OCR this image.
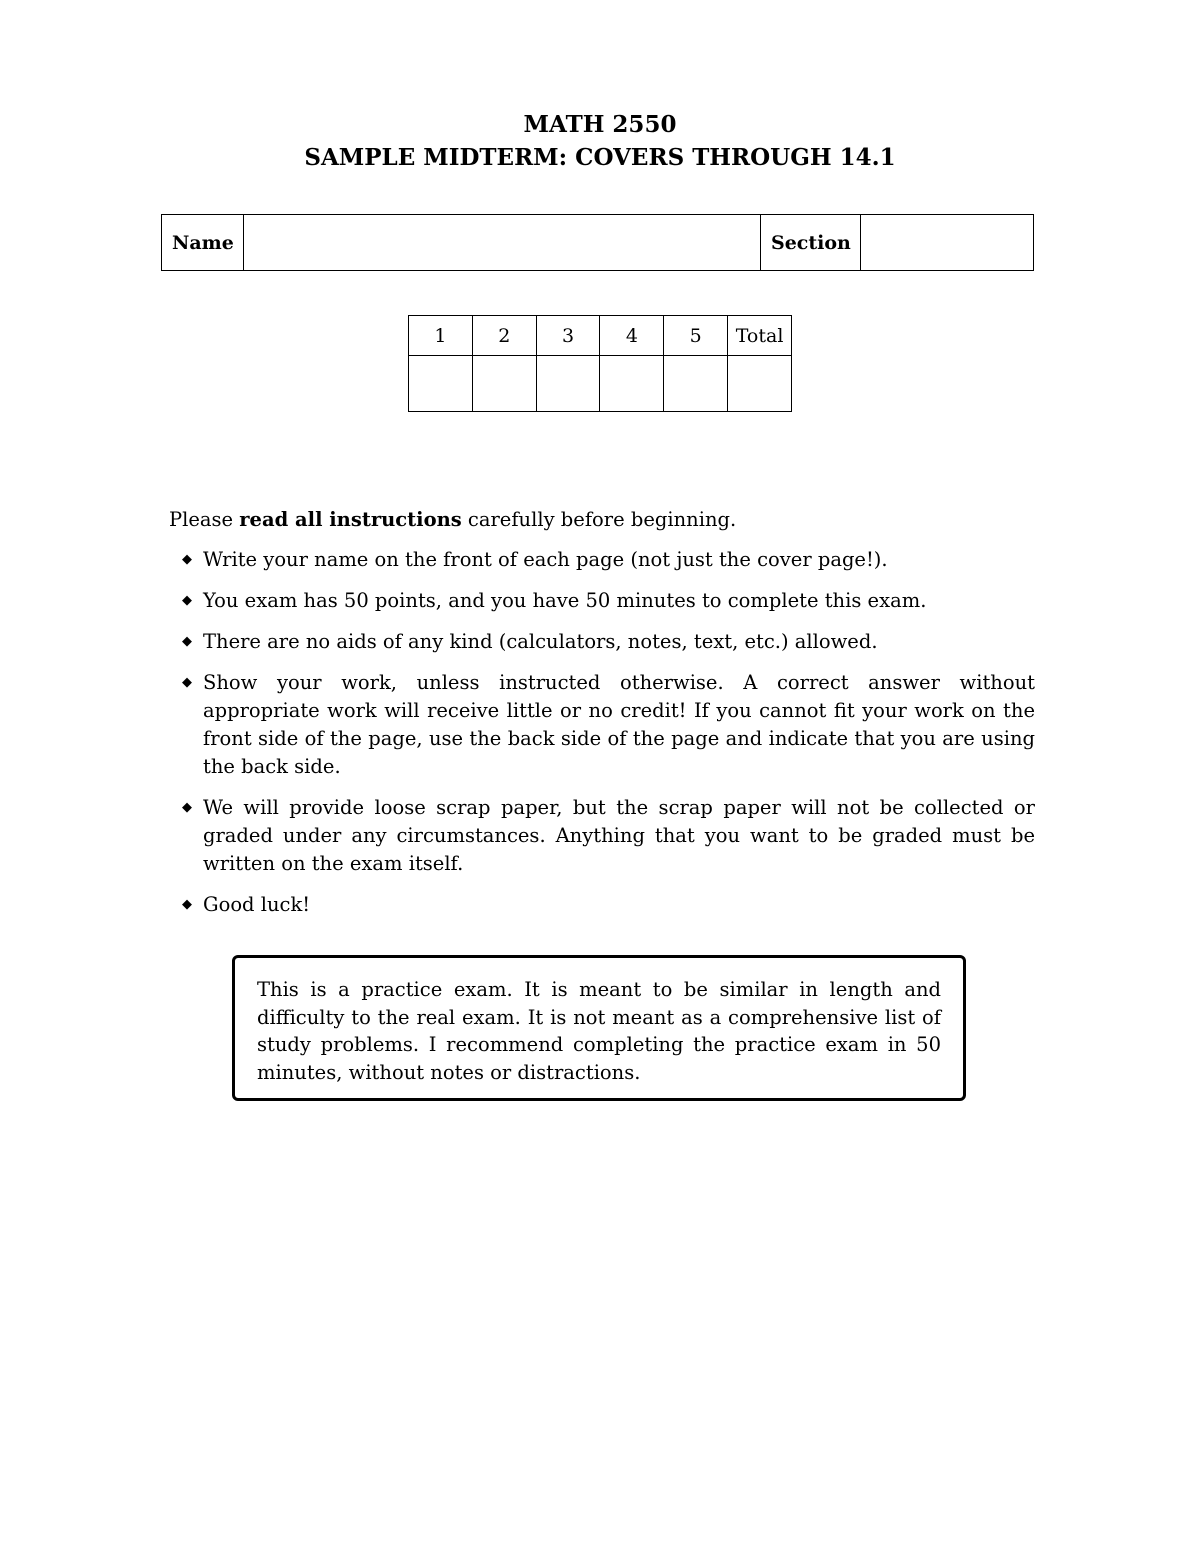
MATH 2550
SAMPLE MIDTERM: COVERS THROUGH 14.1
Name		Section	
1	2	3	4	5	Total

Please read all instructions carefully before beginning.

◆ Write your name on the front of each page (not just the cover page!).
◆ You exam has 50 points, and you have 50 minutes to complete this exam.
◆ There are no aids of any kind (calculators, notes, text, etc.) allowed.
◆ Show your work, unless instructed otherwise. A correct answer without appropriate work will receive little or no credit! If you cannot fit your work on the front side of the page, use the back side of the page and indicate that you are using the back side.
◆ We will provide loose scrap paper, but the scrap paper will not be collected or graded under any circumstances. Anything that you want to be graded must be written on the exam itself.
◆ Good luck!
This is a practice exam. It is meant to be similar in length and difficulty to the real exam. It is not meant as a comprehensive list of study problems. I recommend completing the practice exam in 50 minutes, without notes or distractions.
